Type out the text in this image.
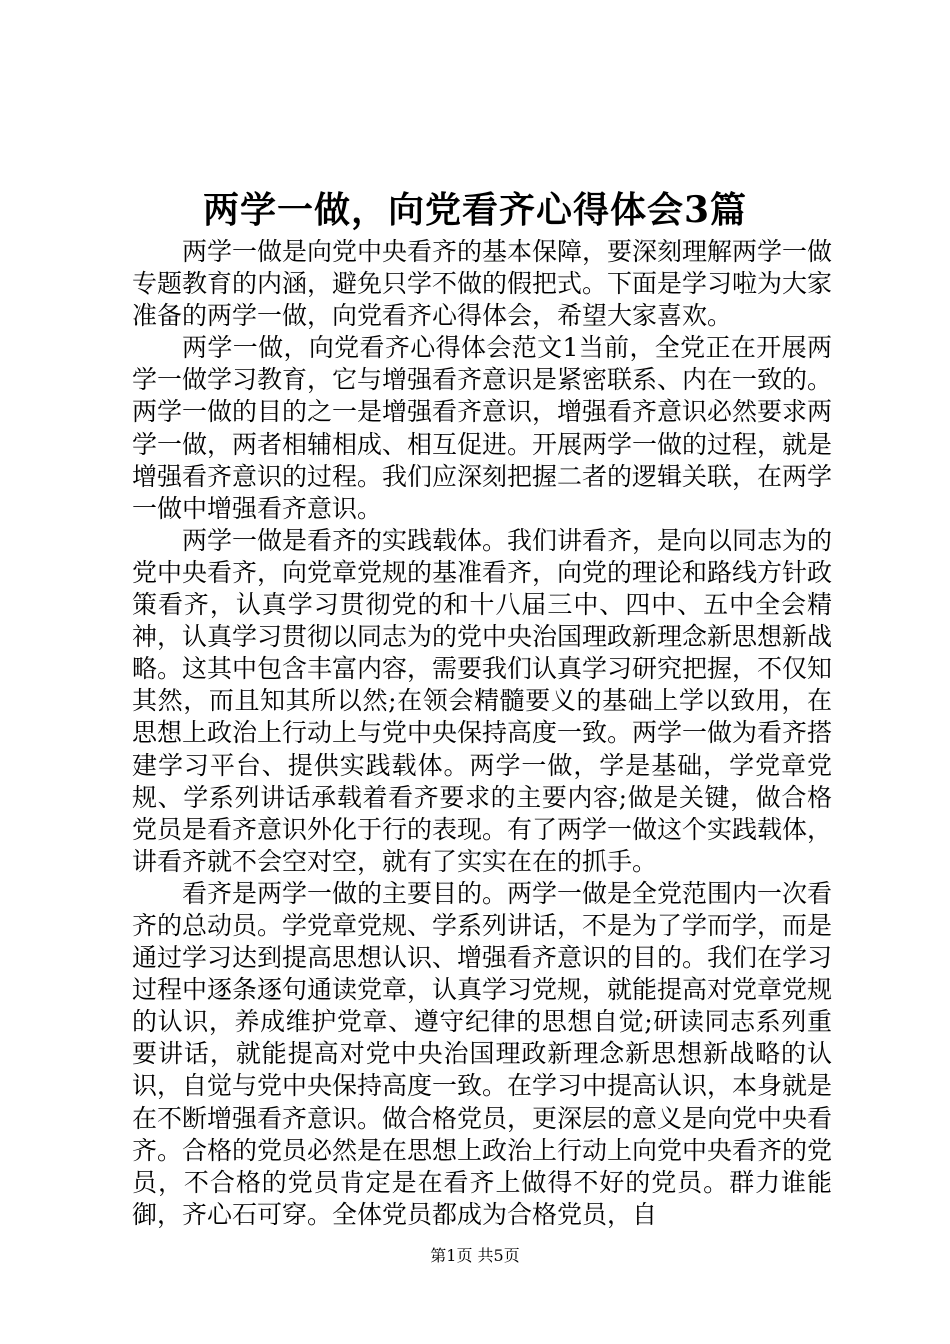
两学一做，向党看齐心得体会3篇

两学一做是向党中央看齐的基本保障，要深刻理解两学一做专题教育的内涵，避免只学不做的假把式。下面是学习啦为大家准备的两学一做，向党看齐心得体会，希望大家喜欢。

两学一做，向党看齐心得体会范文1当前，全党正在开展两学一做学习教育，它与增强看齐意识是紧密联系、内在一致的。两学一做的目的之一是增强看齐意识，增强看齐意识必然要求两学一做，两者相辅相成、相互促进。开展两学一做的过程，就是增强看齐意识的过程。我们应深刻把握二者的逻辑关联，在两学一做中增强看齐意识。

两学一做是看齐的实践载体。我们讲看齐，是向以同志为的党中央看齐，向党章党规的基准看齐，向党的理论和路线方针政策看齐，认真学习贯彻党的和十八届三中、四中、五中全会精神，认真学习贯彻以同志为的党中央治国理政新理念新思想新战略。这其中包含丰富内容，需要我们认真学习研究把握，不仅知其然，而且知其所以然;在领会精髓要义的基础上学以致用，在思想上政治上行动上与党中央保持高度一致。两学一做为看齐搭建学习平台、提供实践载体。两学一做，学是基础，学党章党规、学系列讲话承载着看齐要求的主要内容;做是关键，做合格党员是看齐意识外化于行的表现。有了两学一做这个实践载体，讲看齐就不会空对空，就有了实实在在的抓手。

看齐是两学一做的主要目的。两学一做是全党范围内一次看齐的总动员。学党章党规、学系列讲话，不是为了学而学，而是通过学习达到提高思想认识、增强看齐意识的目的。我们在学习过程中逐条逐句通读党章，认真学习党规，就能提高对党章党规的认识，养成维护党章、遵守纪律的思想自觉;研读同志系列重要讲话，就能提高对党中央治国理政新理念新思想新战略的认识，自觉与党中央保持高度一致。在学习中提高认识，本身就是在不断增强看齐意识。做合格党员，更深层的意义是向党中央看齐。合格的党员必然是在思想上政治上行动上向党中央看齐的党员，不合格的党员肯定是在看齐上做得不好的党员。群力谁能御，齐心石可穿。全体党员都成为合格党员，自

第1页 共5页
